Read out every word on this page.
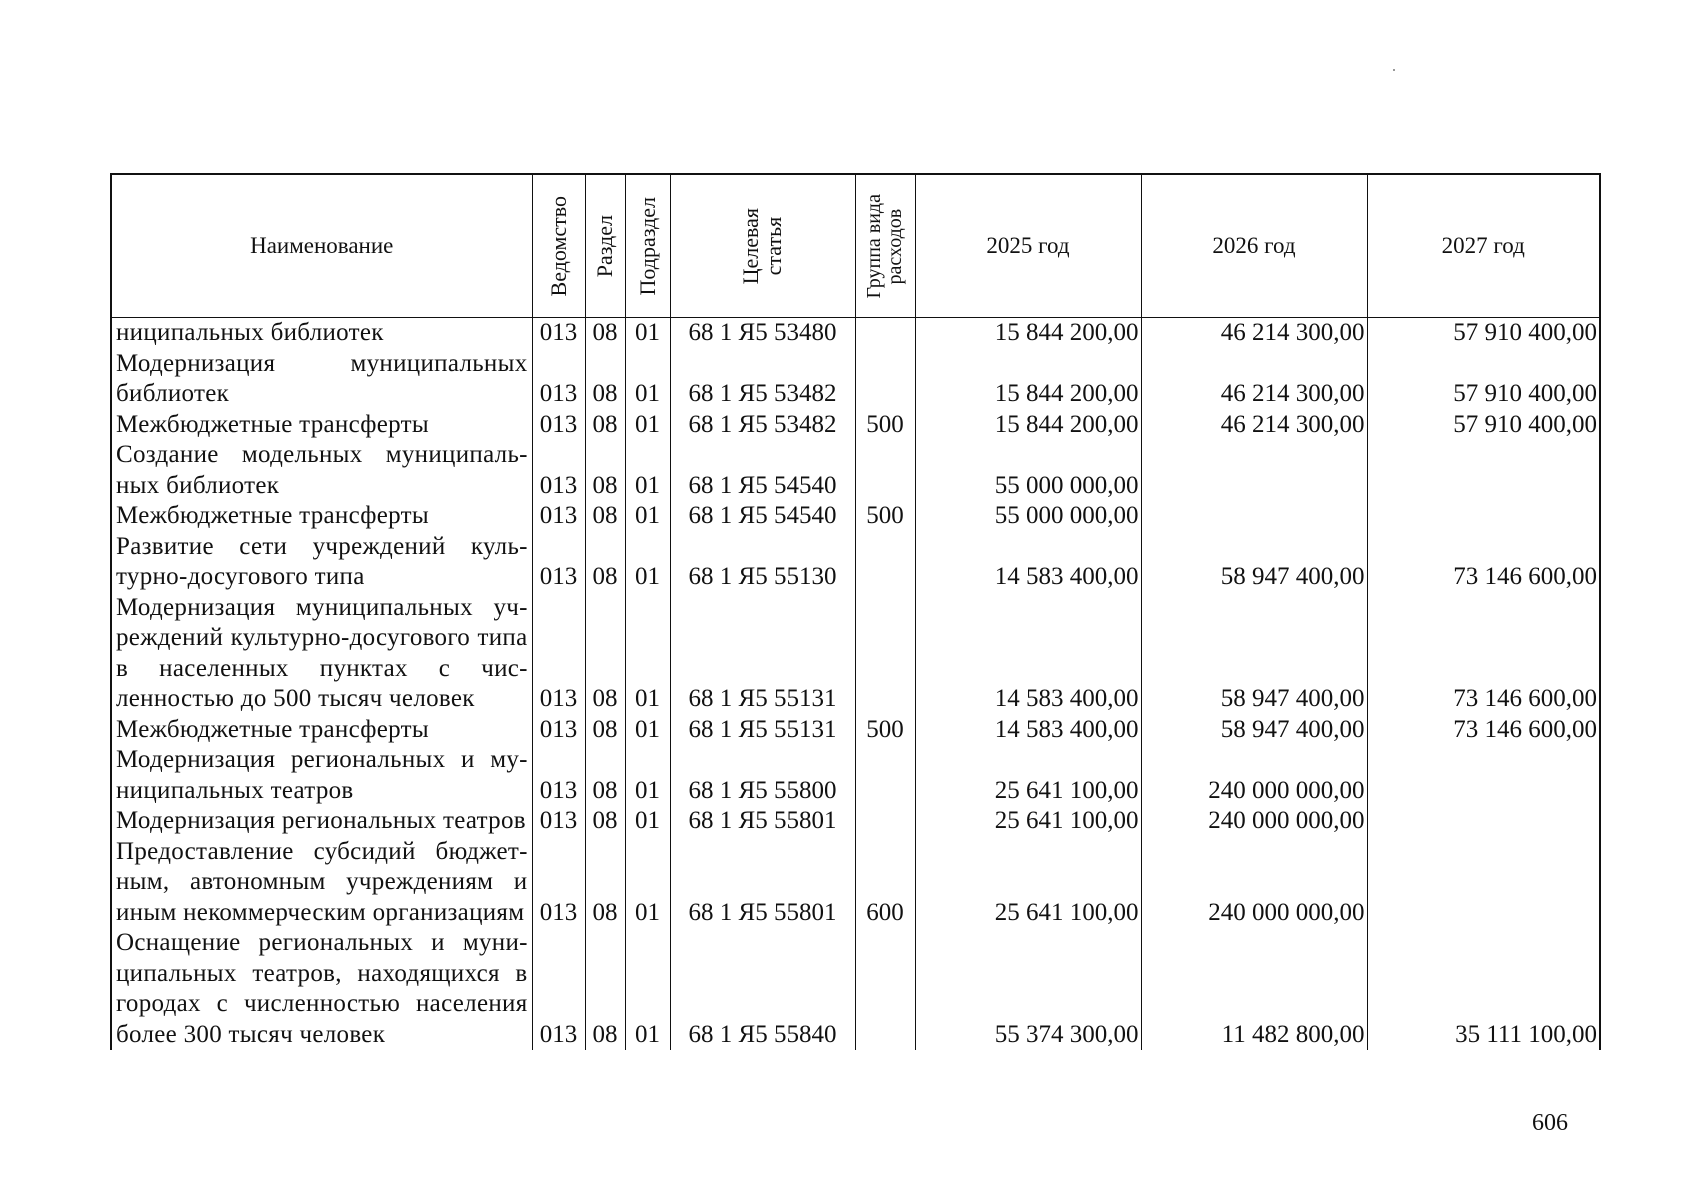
Наименование	Ведомство	Раздел	Подраздел	Целевая
статья	Группа вида
расходов	2025 год	2026 год	2027 год
ниципальных библиотек	013	08	01	68 1 Я5 53480		15 844 200,00	46 214 300,00	57 910 400,00
Модернизация муниципальных библиотек	013	08	01	68 1 Я5 53482		15 844 200,00	46 214 300,00	57 910 400,00
Межбюджетные трансферты	013	08	01	68 1 Я5 53482	500	15 844 200,00	46 214 300,00	57 910 400,00
Создание модельных муниципальных библиотек	013	08	01	68 1 Я5 54540		55 000 000,00		
Межбюджетные трансферты	013	08	01	68 1 Я5 54540	500	55 000 000,00		
Развитие сети учреждений культурно-досугового типа	013	08	01	68 1 Я5 55130		14 583 400,00	58 947 400,00	73 146 600,00
Модернизация муниципальных учреждений культурно-досугового типа в населенных пунктах с численностью до 500 тысяч человек	013	08	01	68 1 Я5 55131		14 583 400,00	58 947 400,00	73 146 600,00
Межбюджетные трансферты	013	08	01	68 1 Я5 55131	500	14 583 400,00	58 947 400,00	73 146 600,00
Модернизация региональных и муниципальных театров	013	08	01	68 1 Я5 55800		25 641 100,00	240 000 000,00	
Модернизация региональных театров	013	08	01	68 1 Я5 55801		25 641 100,00	240 000 000,00	
Предоставление субсидий бюджетным, автономным учреждениям и иным некоммерческим организациям	013	08	01	68 1 Я5 55801	600	25 641 100,00	240 000 000,00	
Оснащение региональных и муниципальных театров, находящихся в городах с численностью населения более 300 тысяч человек	013	08	01	68 1 Я5 55840		55 374 300,00	11 482 800,00	35 111 100,00
606
